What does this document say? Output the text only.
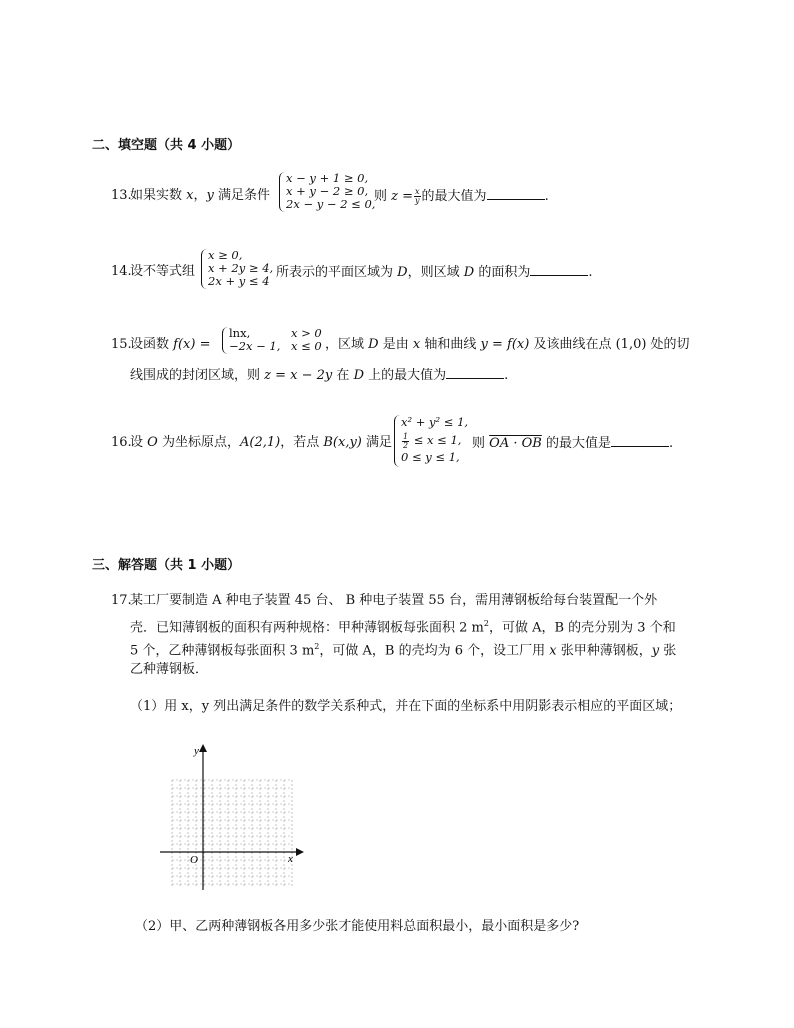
二、填空题（共 4 小题）
13.
如果实数 x，y 满足条件
x − y + 1 ≥ 0,
x + y − 2 ≥ 0,
2x − y − 2 ≤ 0,
则 $z = \frac{x}{y}$ 的最大值为	.
14.
设不等式组
x ≥ 0,
x + 2y ≥ 4,
2x + y ≤ 4
所表示的平面区域为 D，则区域 D 的面积为	.
15.
设函数 f(x) =
lnx,	x > 0
−2x − 1, x ≤ 0 ，区域 D 是由 x 轴和曲线 y = f(x) 及该曲线在点 (1,0) 处的切
线围成的封闭区域，则 z = x − 2y 在 D 上的最大值为	.
16.
设 O 为坐标原点，A(2,1)，若点 B(x,y) 满足
x² + y² ≤ 1,
$\frac{1}{2} \le x \le 1$,
0 ≤ y ≤ 1,
则 OA · OB 的最大值是	.
三、解答题（共 1 小题）
17.
某工厂要制造 A 种电子装置 45 台、 B 种电子装置 55 台，需用薄钢板给每台装置配一个外
壳．已知薄钢板的面积有两种规格：甲种薄钢板每张面积 2 $m^2$，可做 A，B 的壳分别为 3 个和
5 个，乙种薄钢板每张面积 3 $m^2$，可做 A，B 的壳均为 6 个，设工厂用 x 张甲种薄钢板，y 张
乙种薄钢板．
（1）用 x，y 列出满足条件的数学关系种式，并在下面的坐标系中用阴影表示相应的平面区域；
y
x
O
（2）甲、乙两种薄钢板各用多少张才能使用料总面积最小，最小面积是多少?
